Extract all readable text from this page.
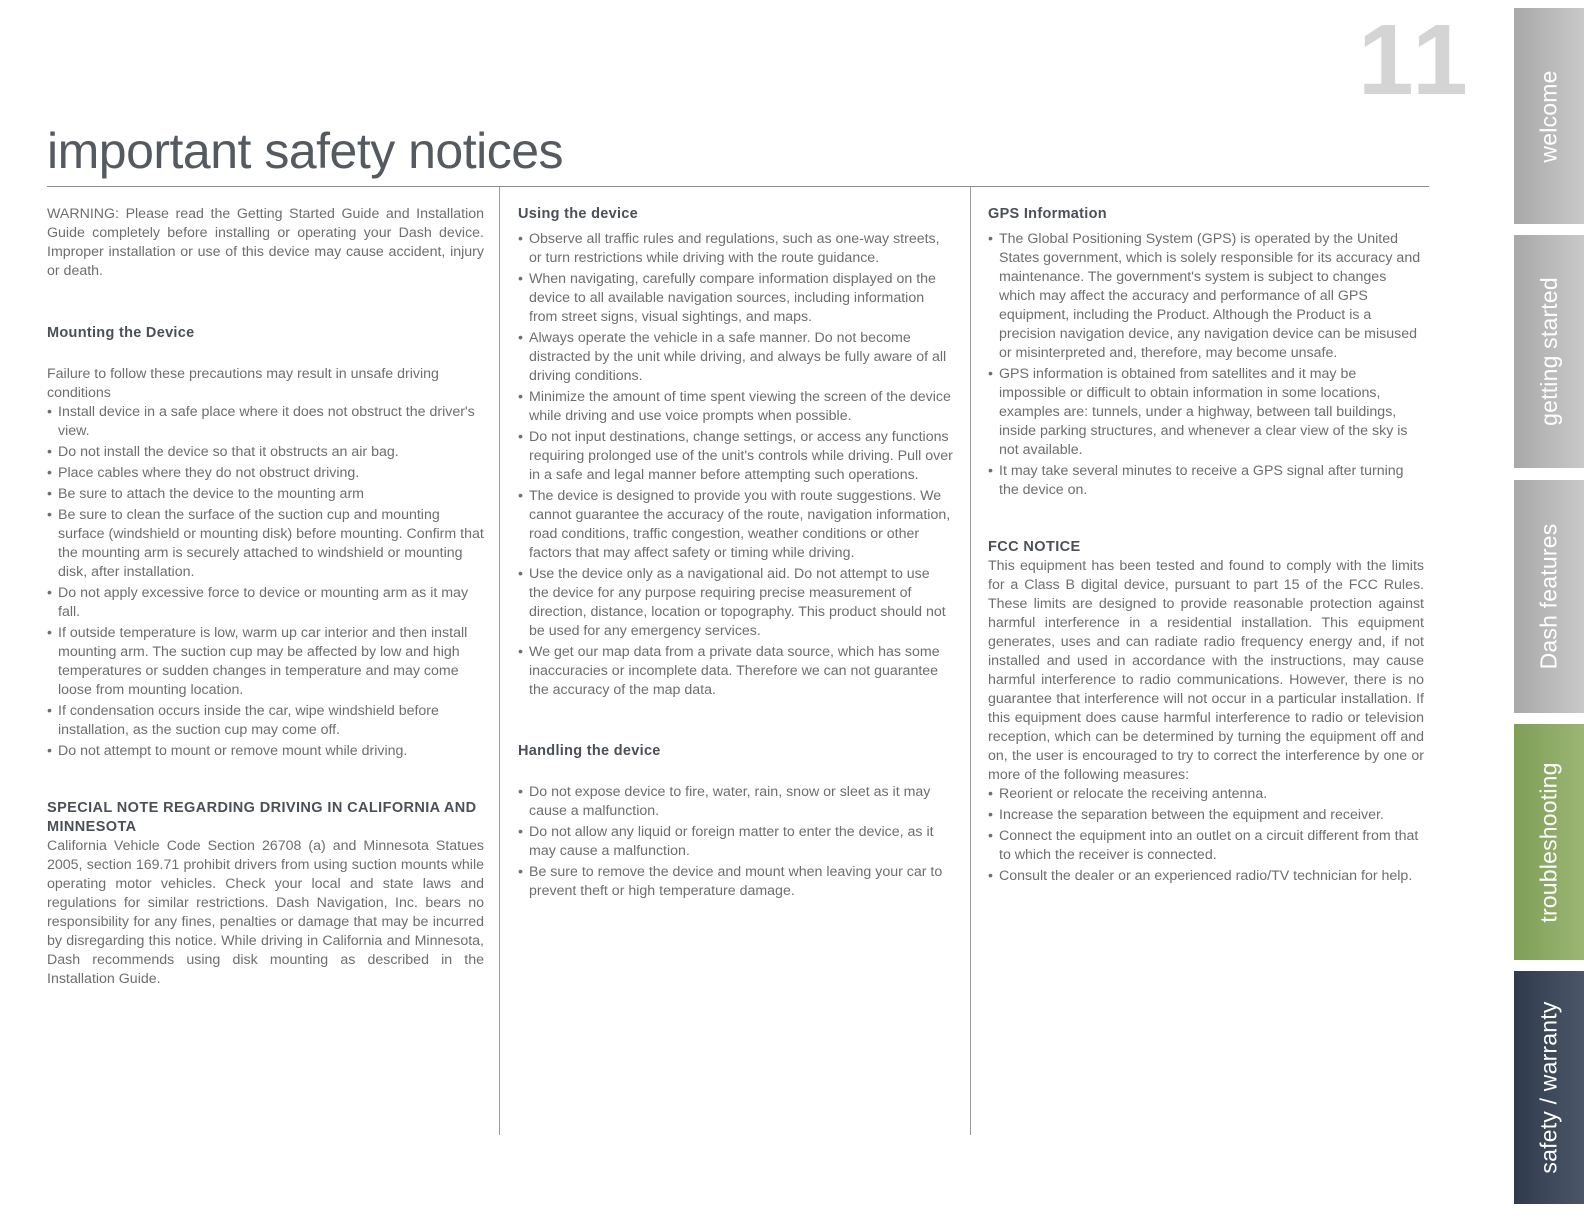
11
important safety notices

WARNING: Please read the Getting Started Guide and Installation Guide completely before installing or operating your Dash device. Improper installation or use of this device may cause accident, injury or death.

Mounting the Device

Failure to follow these precautions may result in unsafe driving conditions

• Install device in a safe place where it does not obstruct the driver's view.
• Do not install the device so that it obstructs an air bag.
• Place cables where they do not obstruct driving.
• Be sure to attach the device to the mounting arm
• Be sure to clean the surface of the suction cup and mounting surface (windshield or mounting disk) before mounting. Confirm that the mounting arm is securely attached to windshield or mounting disk, after installation.
• Do not apply excessive force to device or mounting arm as it may fall.
• If outside temperature is low, warm up car interior and then install mounting arm. The suction cup may be affected by low and high temperatures or sudden changes in temperature and may come loose from mounting location.
• If condensation occurs inside the car, wipe windshield before installation, as the suction cup may come off.
• Do not attempt to mount or remove mount while driving.
SPECIAL NOTE REGARDING DRIVING IN CALIFORNIA AND MINNESOTA

California Vehicle Code Section 26708 (a) and Minnesota Statues 2005, section 169.71 prohibit drivers from using suction mounts while operating motor vehicles. Check your local and state laws and regulations for similar restrictions. Dash Navigation, Inc. bears no responsibility for any fines, penalties or damage that may be incurred by disregarding this notice. While driving in California and Minnesota, Dash recommends using disk mounting as described in the Installation Guide.

Using the device
• Observe all traffic rules and regulations, such as one-way streets, or turn restrictions while driving with the route guidance.
• When navigating, carefully compare information displayed on the device to all available navigation sources, including information from street signs, visual sightings, and maps.
• Always operate the vehicle in a safe manner. Do not become distracted by the unit while driving, and always be fully aware of all driving conditions.
• Minimize the amount of time spent viewing the screen of the device while driving and use voice prompts when possible.
• Do not input destinations, change settings, or access any functions requiring prolonged use of the unit's controls while driving. Pull over in a safe and legal manner before attempting such operations.
• The device is designed to provide you with route suggestions. We cannot guarantee the accuracy of the route, navigation information, road conditions, traffic congestion, weather conditions or other factors that may affect safety or timing while driving.
• Use the device only as a navigational aid. Do not attempt to use the device for any purpose requiring precise measurement of direction, distance, location or topography. This product should not be used for any emergency services.
• We get our map data from a private data source, which has some inaccuracies or incomplete data. Therefore we can not guarantee the accuracy of the map data.
Handling the device
• Do not expose device to fire, water, rain, snow or sleet as it may cause a malfunction.
• Do not allow any liquid or foreign matter to enter the device, as it may cause a malfunction.
• Be sure to remove the device and mount when leaving your car to prevent theft or high temperature damage.
GPS Information
• The Global Positioning System (GPS) is operated by the United States government, which is solely responsible for its accuracy and maintenance. The government's system is subject to changes which may affect the accuracy and performance of all GPS equipment, including the Product. Although the Product is a precision navigation device, any navigation device can be misused or misinterpreted and, therefore, may become unsafe.
• GPS information is obtained from satellites and it may be impossible or difficult to obtain information in some locations, examples are: tunnels, under a highway, between tall buildings, inside parking structures, and whenever a clear view of the sky is not available.
• It may take several minutes to receive a GPS signal after turning the device on.
FCC NOTICE

This equipment has been tested and found to comply with the limits for a Class B digital device, pursuant to part 15 of the FCC Rules. These limits are designed to provide reasonable protection against harmful interference in a residential installation. This equipment generates, uses and can radiate radio frequency energy and, if not installed and used in accordance with the instructions, may cause harmful interference to radio communications. However, there is no guarantee that interference will not occur in a particular installation. If this equipment does cause harmful interference to radio or television reception, which can be determined by turning the equipment off and on, the user is encouraged to try to correct the interference by one or more of the following measures:

• Reorient or relocate the receiving antenna.
• Increase the separation between the equipment and receiver.
• Connect the equipment into an outlet on a circuit different from that to which the receiver is connected.
• Consult the dealer or an experienced radio/TV technician for help.
welcome
getting started
Dash features
troubleshooting
safety / warranty
